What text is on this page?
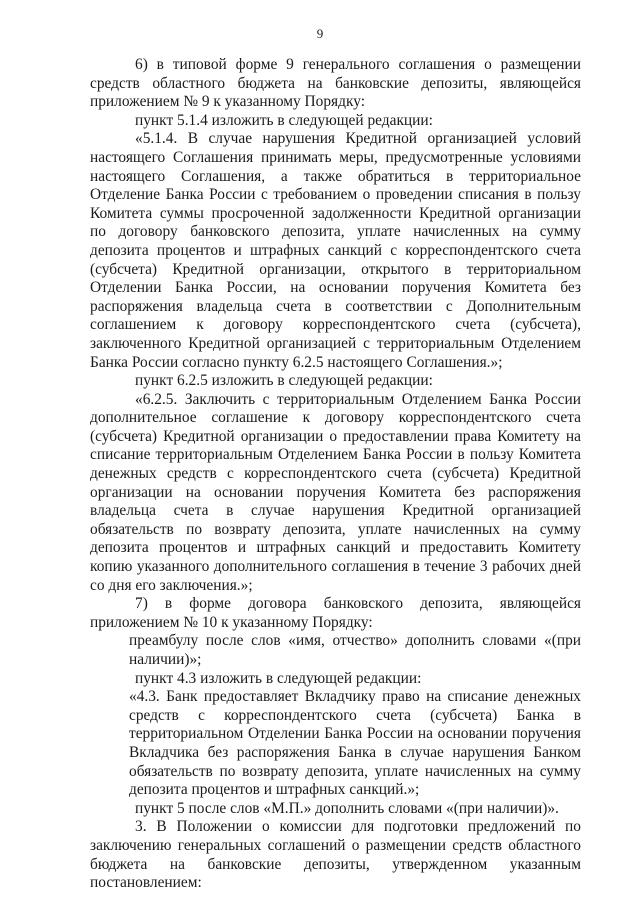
9

6) в типовой форме 9 генерального соглашения о размещении средств областного бюджета на банковские депозиты, являющейся приложением № 9 к указанному Порядку:

пункт 5.1.4 изложить в следующей редакции:

«5.1.4. В случае нарушения Кредитной организацией условий настоящего Соглашения принимать меры, предусмотренные условиями настоящего Соглашения, а также обратиться в территориальное Отделение Банка России с требованием о проведении списания в пользу Комитета суммы просроченной задолженности Кредитной организации по договору банковского депозита, уплате начисленных на сумму депозита процентов и штрафных санкций с корреспондентского счета (субсчета) Кредитной организации, открытого в территориальном Отделении Банка России, на основании поручения Комитета без распоряжения владельца счета в соответствии с Дополнительным соглашением к договору корреспондентского счета (субсчета), заключенного Кредитной организацией с территориальным Отделением Банка России согласно пункту 6.2.5 настоящего Соглашения.»;

пункт 6.2.5 изложить в следующей редакции:

«6.2.5. Заключить с территориальным Отделением Банка России дополнительное соглашение к договору корреспондентского счета (субсчета) Кредитной организации о предоставлении права Комитету на списание территориальным Отделением Банка России в пользу Комитета денежных средств с корреспондентского счета (субсчета) Кредитной организации на основании поручения Комитета без распоряжения владельца счета в случае нарушения Кредитной организацией обязательств по возврату депозита, уплате начисленных на сумму депозита процентов и штрафных санкций и предоставить Комитету копию указанного дополнительного соглашения в течение 3 рабочих дней со дня его заключения.»;

7) в форме договора банковского депозита, являющейся приложением № 10 к указанному Порядку:

преамбулу после слов «имя, отчество» дополнить словами «(при наличии)»;

пункт 4.3 изложить в следующей редакции:

«4.3. Банк предоставляет Вкладчику право на списание денежных средств с корреспондентского счета (субсчета) Банка в территориальном Отделении Банка России на основании поручения Вкладчика без распоряжения Банка в случае нарушения Банком обязательств по возврату депозита, уплате начисленных на сумму депозита процентов и штрафных санкций.»;

пункт 5 после слов «М.П.» дополнить словами «(при наличии)».

3. В Положении о комиссии для подготовки предложений по заключению генеральных соглашений о размещении средств областного бюджета на банковские депозиты, утвержденном указанным постановлением:
